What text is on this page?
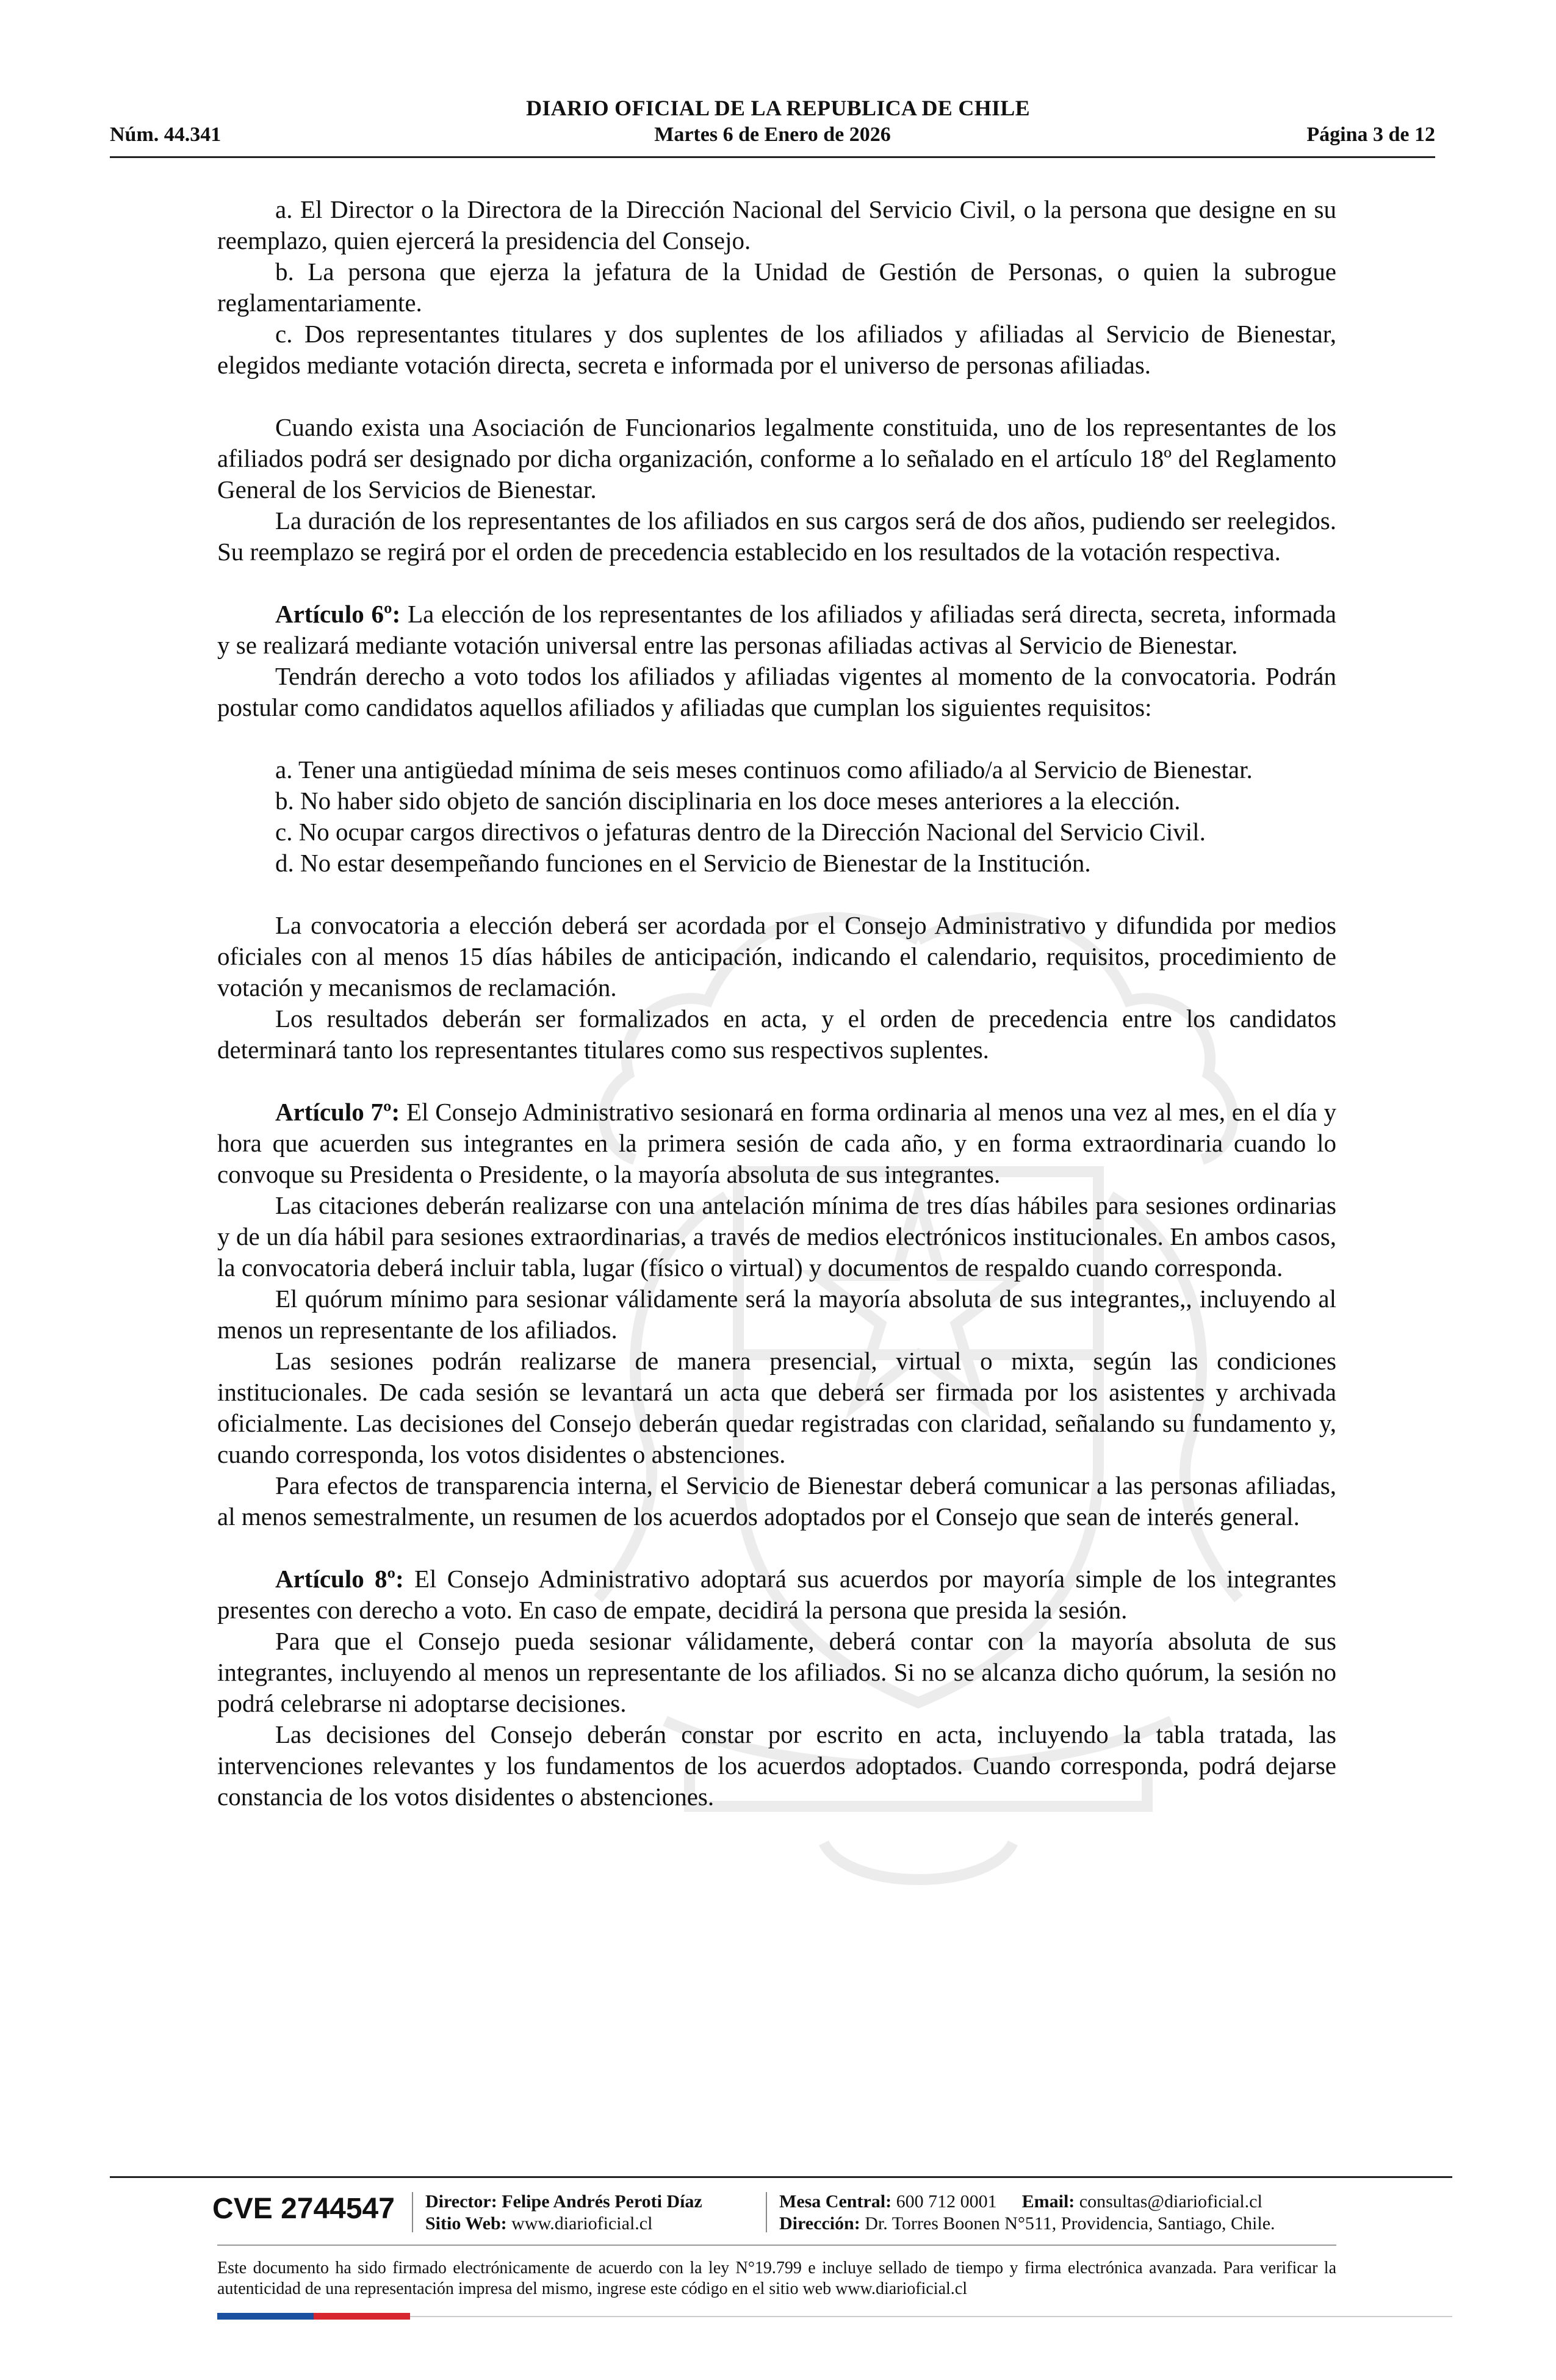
DIARIO OFICIAL DE LA REPUBLICA DE CHILE
Núm. 44.341	Martes 6 de Enero de 2026	Página 3 de 12

a. El Director o la Directora de la Dirección Nacional del Servicio Civil, o la persona que designe en su reemplazo, quien ejercerá la presidencia del Consejo.

b. La persona que ejerza la jefatura de la Unidad de Gestión de Personas, o quien la subrogue reglamentariamente.

c. Dos representantes titulares y dos suplentes de los afiliados y afiliadas al Servicio de Bienestar, elegidos mediante votación directa, secreta e informada por el universo de personas afiliadas.

Cuando exista una Asociación de Funcionarios legalmente constituida, uno de los representantes de los afiliados podrá ser designado por dicha organización, conforme a lo señalado en el artículo 18º del Reglamento General de los Servicios de Bienestar.

La duración de los representantes de los afiliados en sus cargos será de dos años, pudiendo ser reelegidos. Su reemplazo se regirá por el orden de precedencia establecido en los resultados de la votación respectiva.

Artículo 6º: La elección de los representantes de los afiliados y afiliadas será directa, secreta, informada y se realizará mediante votación universal entre las personas afiliadas activas al Servicio de Bienestar.

Tendrán derecho a voto todos los afiliados y afiliadas vigentes al momento de la convocatoria. Podrán postular como candidatos aquellos afiliados y afiliadas que cumplan los siguientes requisitos:

a. Tener una antigüedad mínima de seis meses continuos como afiliado/a al Servicio de Bienestar.

b. No haber sido objeto de sanción disciplinaria en los doce meses anteriores a la elección.

c. No ocupar cargos directivos o jefaturas dentro de la Dirección Nacional del Servicio Civil.

d. No estar desempeñando funciones en el Servicio de Bienestar de la Institución.

La convocatoria a elección deberá ser acordada por el Consejo Administrativo y difundida por medios oficiales con al menos 15 días hábiles de anticipación, indicando el calendario, requisitos, procedimiento de votación y mecanismos de reclamación.

Los resultados deberán ser formalizados en acta, y el orden de precedencia entre los candidatos determinará tanto los representantes titulares como sus respectivos suplentes.

Artículo 7º: El Consejo Administrativo sesionará en forma ordinaria al menos una vez al mes, en el día y hora que acuerden sus integrantes en la primera sesión de cada año, y en forma extraordinaria cuando lo convoque su Presidenta o Presidente, o la mayoría absoluta de sus integrantes.

Las citaciones deberán realizarse con una antelación mínima de tres días hábiles para sesiones ordinarias y de un día hábil para sesiones extraordinarias, a través de medios electrónicos institucionales. En ambos casos, la convocatoria deberá incluir tabla, lugar (físico o virtual) y documentos de respaldo cuando corresponda.

El quórum mínimo para sesionar válidamente será la mayoría absoluta de sus integrantes,, incluyendo al menos un representante de los afiliados.

Las sesiones podrán realizarse de manera presencial, virtual o mixta, según las condiciones institucionales. De cada sesión se levantará un acta que deberá ser firmada por los asistentes y archivada oficialmente. Las decisiones del Consejo deberán quedar registradas con claridad, señalando su fundamento y, cuando corresponda, los votos disidentes o abstenciones.

Para efectos de transparencia interna, el Servicio de Bienestar deberá comunicar a las personas afiliadas, al menos semestralmente, un resumen de los acuerdos adoptados por el Consejo que sean de interés general.

Artículo 8º: El Consejo Administrativo adoptará sus acuerdos por mayoría simple de los integrantes presentes con derecho a voto. En caso de empate, decidirá la persona que presida la sesión.

Para que el Consejo pueda sesionar válidamente, deberá contar con la mayoría absoluta de sus integrantes, incluyendo al menos un representante de los afiliados. Si no se alcanza dicho quórum, la sesión no podrá celebrarse ni adoptarse decisiones.

Las decisiones del Consejo deberán constar por escrito en acta, incluyendo la tabla tratada, las intervenciones relevantes y los fundamentos de los acuerdos adoptados. Cuando corresponda, podrá dejarse constancia de los votos disidentes o abstenciones.

CVE 2744547 Director: Felipe Andrés Peroti Díaz
Sitio Web: www.diarioficial.cl
Mesa Central: 600 712 0001 Email: consultas@diarioficial.cl
Dirección: Dr. Torres Boonen N°511, Providencia, Santiago, Chile.
Este documento ha sido firmado electrónicamente de acuerdo con la ley N°19.799 e incluye sellado de tiempo y firma electrónica avanzada. Para verificar la autenticidad de una representación impresa del mismo, ingrese este código en el sitio web www.diarioficial.cl
